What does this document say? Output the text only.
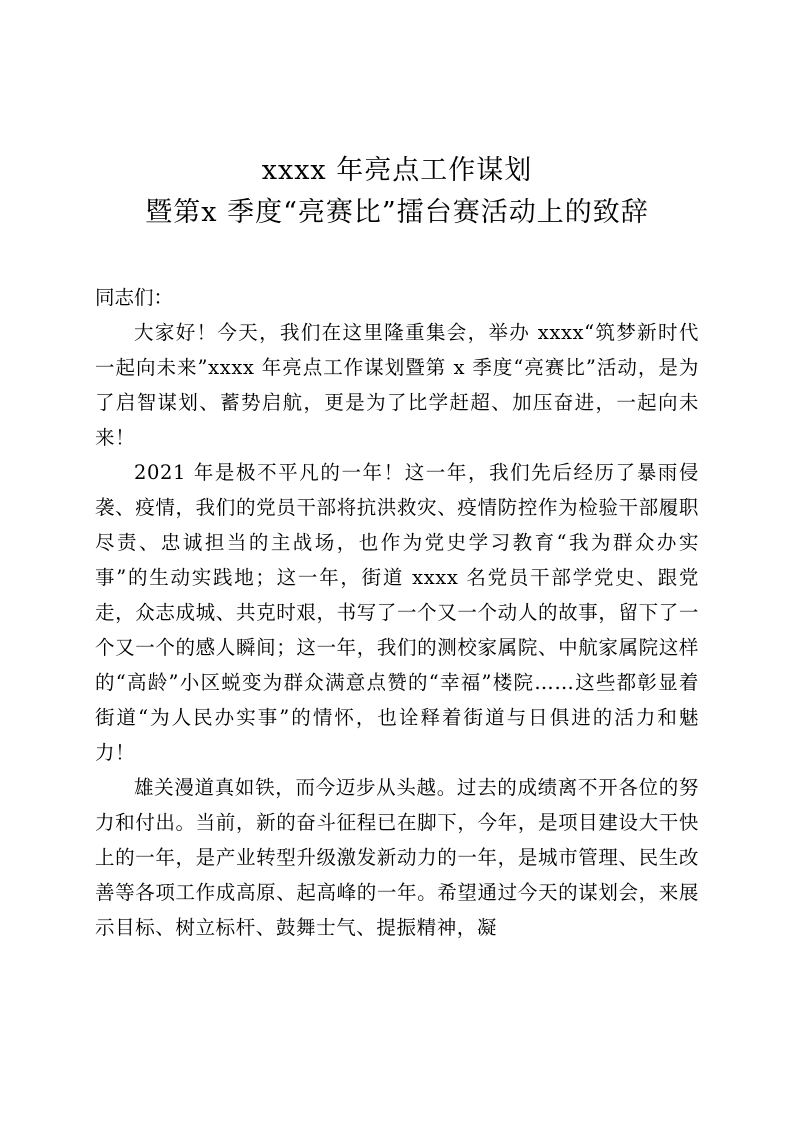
xxxx 年亮点工作谋划
暨第x 季度“亮赛比”擂台赛活动上的致辞

同志们：

大家好！今天，我们在这里隆重集会，举办 xxxx“筑梦新时代　一起向未来”xxxx 年亮点工作谋划暨第 x 季度“亮赛比”活动，是为了启智谋划、蓄势启航，更是为了比学赶超、加压奋进，一起向未来！

2021 年是极不平凡的一年！这一年，我们先后经历了暴雨侵袭、疫情，我们的党员干部将抗洪救灾、疫情防控作为检验干部履职尽责、忠诚担当的主战场，也作为党史学习教育“我为群众办实事”的生动实践地；这一年，街道 xxxx 名党员干部学党史、跟党走，众志成城、共克时艰，书写了一个又一个动人的故事，留下了一个又一个的感人瞬间；这一年，我们的测校家属院、中航家属院这样的“高龄”小区蜕变为群众满意点赞的“幸福”楼院……这些都彰显着街道“为人民办实事”的情怀，也诠释着街道与日俱进的活力和魅力！

雄关漫道真如铁，而今迈步从头越。过去的成绩离不开各位的努力和付出。当前，新的奋斗征程已在脚下，今年，是项目建设大干快上的一年，是产业转型升级激发新动力的一年，是城市管理、民生改善等各项工作成高原、起高峰的一年。希望通过今天的谋划会，来展示目标、树立标杆、鼓舞士气、提振精神，凝
